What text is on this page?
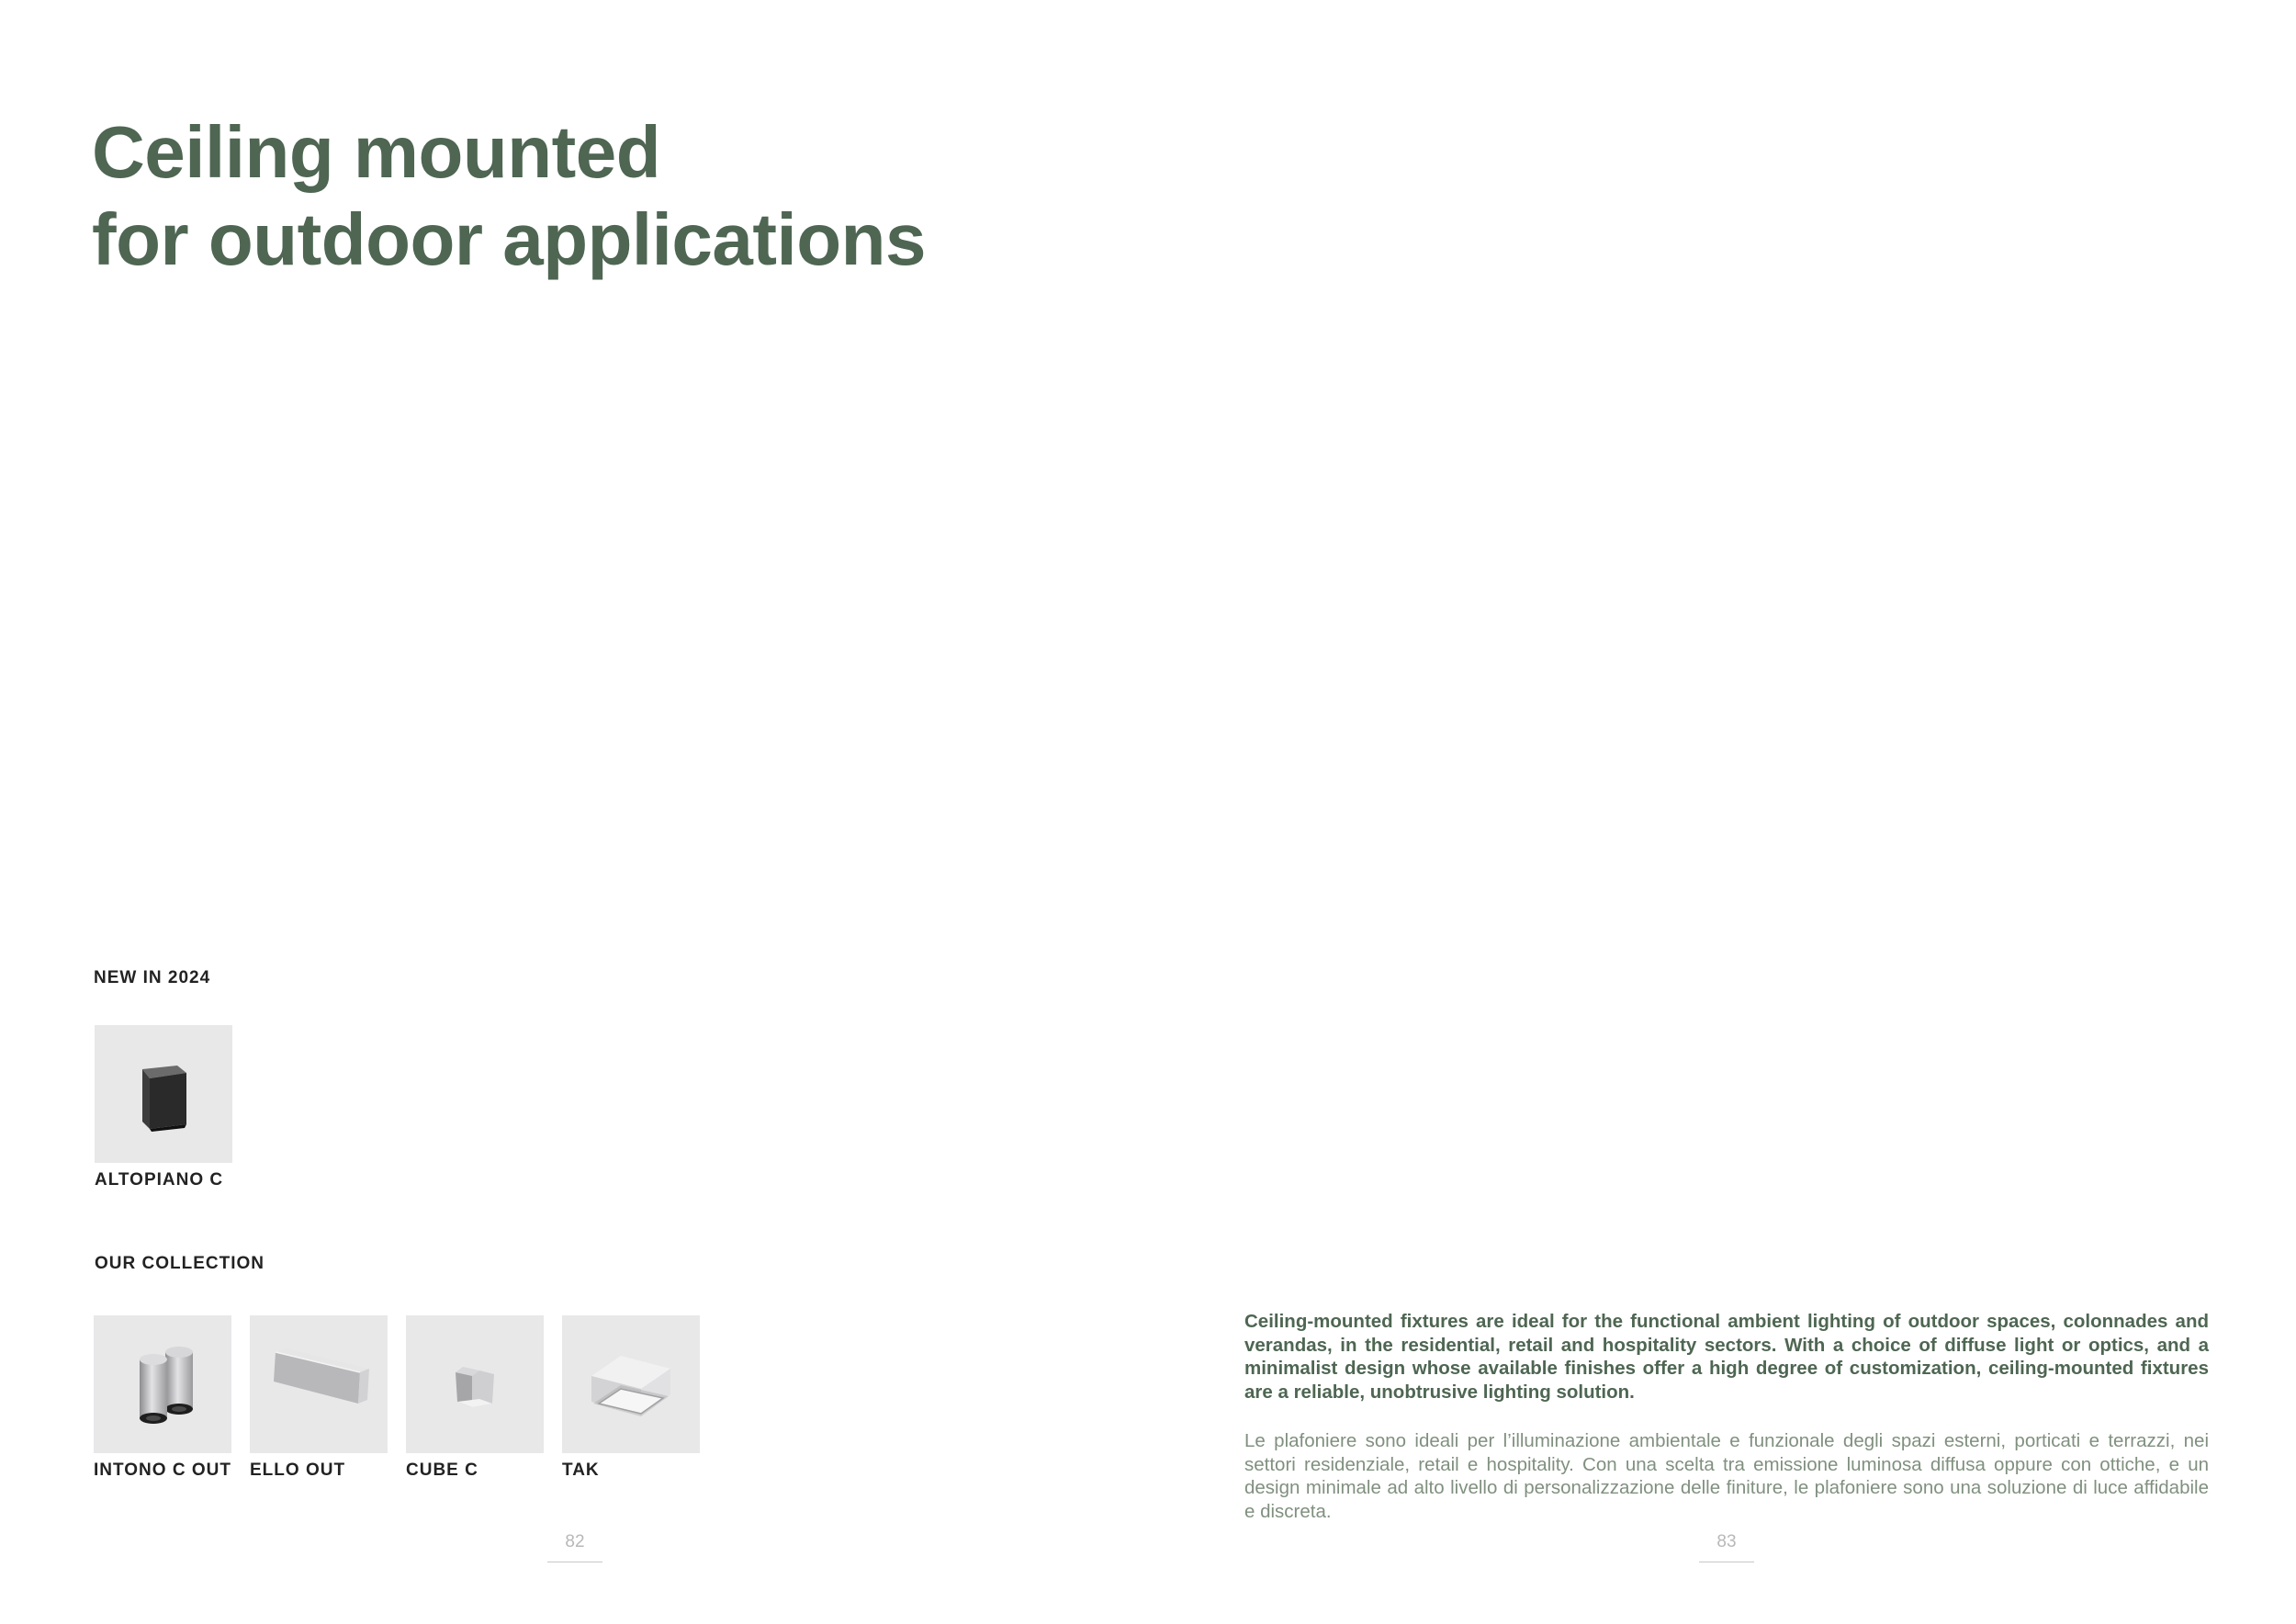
Ceiling mounted
for outdoor applications
NEW IN 2024
ALTOPIANO C
OUR COLLECTION
INTONO C OUT ELLO OUT	CUBE C	TAK

Ceiling-mounted fixtures are ideal for the functional ambient lighting of outdoor spaces, colonnades and verandas, in the residential, retail and hospitality sectors. With a choice of diffuse light or optics, and a minimalist design whose available finishes offer a high degree of customization, ceiling-mounted fixtures are a reliable, unobtrusive lighting solution.

Le plafoniere sono ideali per l’illuminazione ambientale e funzionale degli spazi esterni, porticati e terrazzi, nei settori residenziale, retail e hospitality. Con una scelta tra emissione luminosa diffusa oppure con ottiche, e un design minimale ad alto livello di personalizzazione delle finiture, le plafoniere sono una soluzione di luce affidabile e discreta.

82	83
